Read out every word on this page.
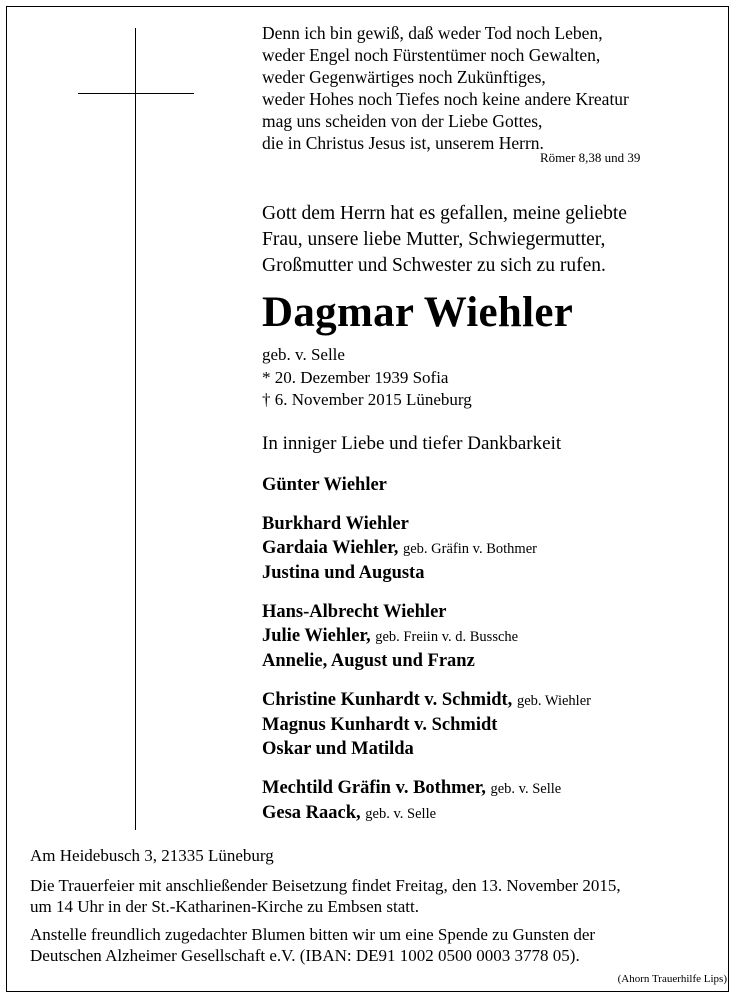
Denn ich bin gewiß, daß weder Tod noch Leben,
weder Engel noch Fürstentümer noch Gewalten,
weder Gegenwärtiges noch Zukünftiges,
weder Hohes noch Tiefes noch keine andere Kreatur
mag uns scheiden von der Liebe Gottes,
die in Christus Jesus ist, unserem Herrn.
Römer 8,38 und 39
Gott dem Herrn hat es gefallen, meine geliebte
Frau, unsere liebe Mutter, Schwiegermutter,
Großmutter und Schwester zu sich zu rufen.
Dagmar Wiehler
geb. v. Selle
* 20. Dezember 1939 Sofia
† 6. November 2015 Lüneburg
In inniger Liebe und tiefer Dankbarkeit
Günter Wiehler
Burkhard Wiehler
Gardaia Wiehler, geb. Gräfin v. Bothmer
Justina und Augusta
Hans-Albrecht Wiehler
Julie Wiehler, geb. Freiin v. d. Bussche
Annelie, August und Franz
Christine Kunhardt v. Schmidt, geb. Wiehler
Magnus Kunhardt v. Schmidt
Oskar und Matilda
Mechtild Gräfin v. Bothmer, geb. v. Selle
Gesa Raack, geb. v. Selle
Am Heidebusch 3, 21335 Lüneburg
Die Trauerfeier mit anschließender Beisetzung findet Freitag, den 13. November 2015,
um 14 Uhr in der St.-Katharinen-Kirche zu Embsen statt.
Anstelle freundlich zugedachter Blumen bitten wir um eine Spende zu Gunsten der
Deutschen Alzheimer Gesellschaft e.V. (IBAN: DE91 1002 0500 0003 3778 05).
(Ahorn Trauerhilfe Lips)
